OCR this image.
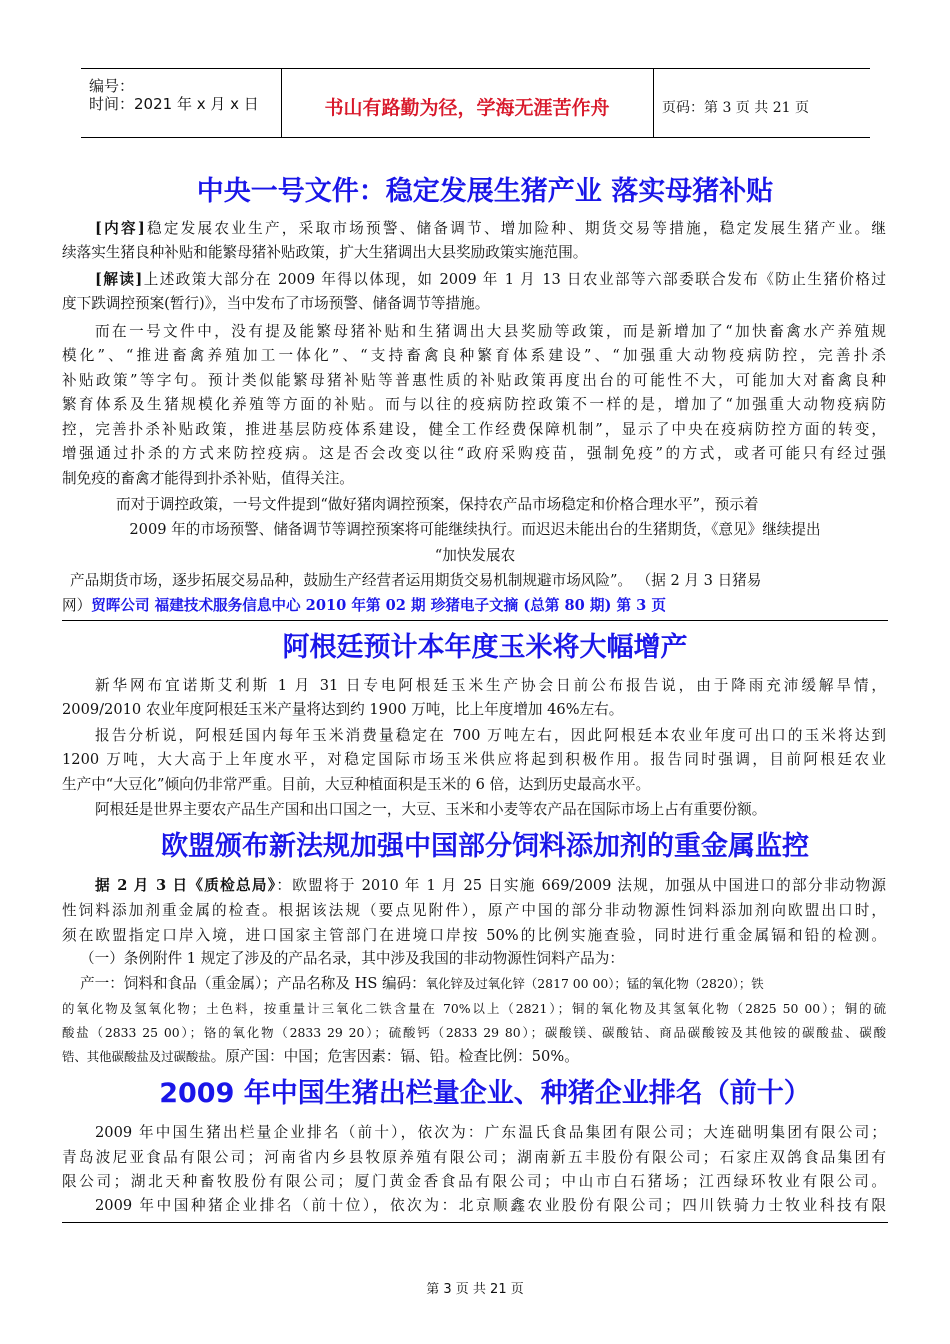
编号：
时间：2021 年 x 月 x 日	书山有路勤为径，学海无涯苦作舟	页码：第 3 页 共 21 页
中央一号文件：稳定发展生猪产业 落实母猪补贴
[内容]稳定发展农业生产，采取市场预警、储备调节、增加险种、期货交易等措施，稳定发展生猪产业。继
续落实生猪良种补贴和能繁母猪补贴政策，扩大生猪调出大县奖励政策实施范围。
[解读]上述政策大部分在 2009 年得以体现，如 2009 年 1 月 13 日农业部等六部委联合发布《防止生猪价格过
度下跌调控预案(暂行)》，当中发布了市场预警、储备调节等措施。
而在一号文件中，没有提及能繁母猪补贴和生猪调出大县奖励等政策，而是新增加了“加快畜禽水产养殖规
模化”、“推进畜禽养殖加工一体化”、“支持畜禽良种繁育体系建设”、“加强重大动物疫病防控，完善扑杀
补贴政策”等字句。预计类似能繁母猪补贴等普惠性质的补贴政策再度出台的可能性不大，可能加大对畜禽良种
繁育体系及生猪规模化养殖等方面的补贴。而与以往的疫病防控政策不一样的是，增加了“加强重大动物疫病防
控，完善扑杀补贴政策，推进基层防疫体系建设，健全工作经费保障机制”，显示了中央在疫病防控方面的转变，
增强通过扑杀的方式来防控疫病。这是否会改变以往“政府采购疫苗，强制免疫”的方式，或者可能只有经过强
制免疫的畜禽才能得到扑杀补贴，值得关注。
而对于调控政策，一号文件提到“做好猪肉调控预案，保持农产品市场稳定和价格合理水平”，预示着
2009 年的市场预警、储备调节等调控预案将可能继续执行。而迟迟未能出台的生猪期货，《意见》继续提出
“加快发展农
产品期货市场，逐步拓展交易品种，鼓励生产经营者运用期货交易机制规避市场风险”。 （据 2 月 3 日猪易
网）贸晖公司 福建技术服务信息中心 2010 年第 02 期 珍猪电子文摘 (总第 80 期) 第 3 页
阿根廷预计本年度玉米将大幅增产
新华网布宜诺斯艾利斯 1 月 31 日专电阿根廷玉米生产协会日前公布报告说，由于降雨充沛缓解旱情，
2009/2010 农业年度阿根廷玉米产量将达到约 1900 万吨，比上年度增加 46%左右。
报告分析说，阿根廷国内每年玉米消费量稳定在 700 万吨左右，因此阿根廷本农业年度可出口的玉米将达到
1200 万吨，大大高于上年度水平，对稳定国际市场玉米供应将起到积极作用。报告同时强调，目前阿根廷农业
生产中“大豆化”倾向仍非常严重。目前，大豆种植面积是玉米的 6 倍，达到历史最高水平。
阿根廷是世界主要农产品生产国和出口国之一，大豆、玉米和小麦等农产品在国际市场上占有重要份额。
欧盟颁布新法规加强中国部分饲料添加剂的重金属监控
据 2 月 3 日《质检总局》：欧盟将于 2010 年 1 月 25 日实施 669/2009 法规，加强从中国进口的部分非动物源
性饲料添加剂重金属的检查。根据该法规（要点见附件），原产中国的部分非动物源性饲料添加剂向欧盟出口时，
须在欧盟指定口岸入境，进口国家主管部门在进境口岸按 50%的比例实施查验，同时进行重金属镉和铅的检测。
（一）条例附件 1 规定了涉及的产品名录，其中涉及我国的非动物源性饲料产品为：
产一：饲料和食品（重金属）；产品名称及 HS 编码：氧化锌及过氧化锌（2817 00 00）；锰的氧化物（2820）；铁
的氧化物及氢氧化物；土色料，按重量计三氧化二铁含量在 70%以上（2821）；铜的氧化物及其氢氧化物（2825 50 00）；铜的硫
酸盐（2833 25 00）；铬的氧化物（2833 29 20）；硫酸钙（2833 29 80）；碳酸镁、碳酸钴、商品碳酸铵及其他铵的碳酸盐、碳酸
锆、其他碳酸盐及过碳酸盐。原产国：中国；危害因素：镉、铅。检查比例：50%。
2009 年中国生猪出栏量企业、种猪企业排名（前十）
2009 年中国生猪出栏量企业排名（前十），依次为：广东温氏食品集团有限公司；大连础明集团有限公司；
青岛波尼亚食品有限公司；河南省内乡县牧原养殖有限公司；湖南新五丰股份有限公司；石家庄双鸽食品集团有
限公司；湖北天种畜牧股份有限公司；厦门黄金香食品有限公司；中山市白石猪场；江西绿环牧业有限公司。
2009 年中国种猪企业排名（前十位），依次为：北京顺鑫农业股份有限公司；四川铁骑力士牧业科技有限
第 3 页 共 21 页
